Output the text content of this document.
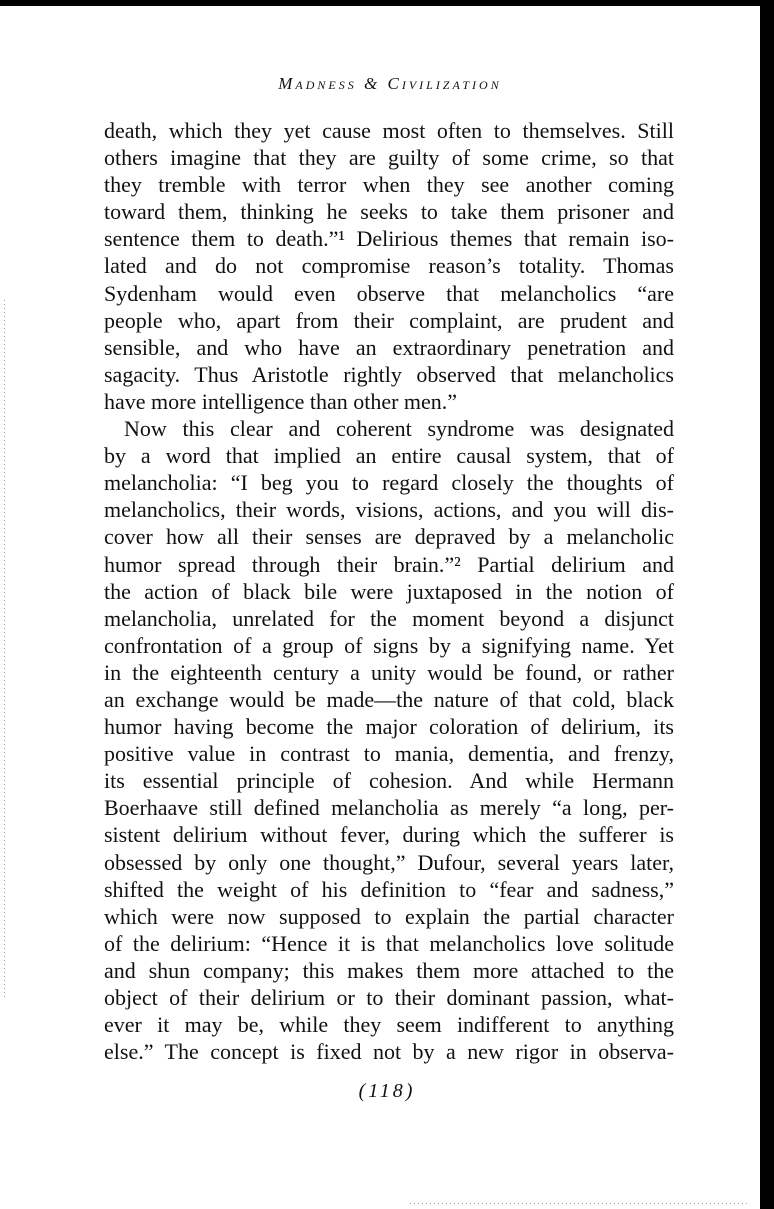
Madness & Civilization
death, which they yet cause most often to themselves. Still
others imagine that they are guilty of some crime, so that
they tremble with terror when they see another coming
toward them, thinking he seeks to take them prisoner and
sentence them to death.”¹ Delirious themes that remain iso-
lated and do not compromise reason’s totality. Thomas
Sydenham would even observe that melancholics “are
people who, apart from their complaint, are prudent and
sensible, and who have an extraordinary penetration and
sagacity. Thus Aristotle rightly observed that melancholics
have more intelligence than other men.”
Now this clear and coherent syndrome was designated
by a word that implied an entire causal system, that of
melancholia: “I beg you to regard closely the thoughts of
melancholics, their words, visions, actions, and you will dis-
cover how all their senses are depraved by a melancholic
humor spread through their brain.”² Partial delirium and
the action of black bile were juxtaposed in the notion of
melancholia, unrelated for the moment beyond a disjunct
confrontation of a group of signs by a signifying name. Yet
in the eighteenth century a unity would be found, or rather
an exchange would be made—the nature of that cold, black
humor having become the major coloration of delirium, its
positive value in contrast to mania, dementia, and frenzy,
its essential principle of cohesion. And while Hermann
Boerhaave still defined melancholia as merely “a long, per-
sistent delirium without fever, during which the sufferer is
obsessed by only one thought,” Dufour, several years later,
shifted the weight of his definition to “fear and sadness,”
which were now supposed to explain the partial character
of the delirium: “Hence it is that melancholics love solitude
and shun company; this makes them more attached to the
object of their delirium or to their dominant passion, what-
ever it may be, while they seem indifferent to anything
else.” The concept is fixed not by a new rigor in observa-
(118)
